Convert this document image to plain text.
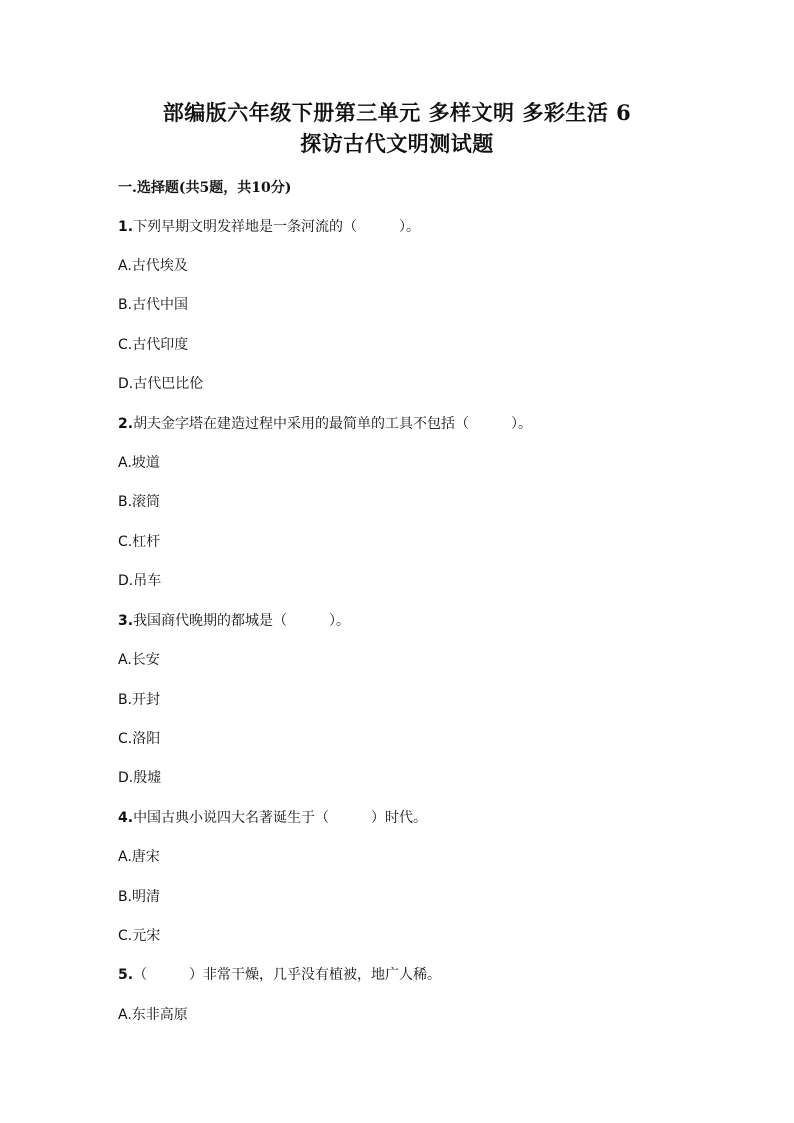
部编版六年级下册第三单元 多样文明 多彩生活 6
探访古代文明测试题
一.选择题(共5题，共10分)
1.下列早期文明发祥地是一条河流的（　　　）。
A.古代埃及
B.古代中国
C.古代印度
D.古代巴比伦
2.胡夫金字塔在建造过程中采用的最简单的工具不包括（　　　）。
A.坡道
B.滚筒
C.杠杆
D.吊车
3.我国商代晚期的都城是（　　　）。
A.长安
B.开封
C.洛阳
D.殷墟
4.中国古典小说四大名著诞生于（　　　）时代。
A.唐宋
B.明清
C.元宋
5.（　　　）非常干燥，几乎没有植被，地广人稀。
A.东非高原
